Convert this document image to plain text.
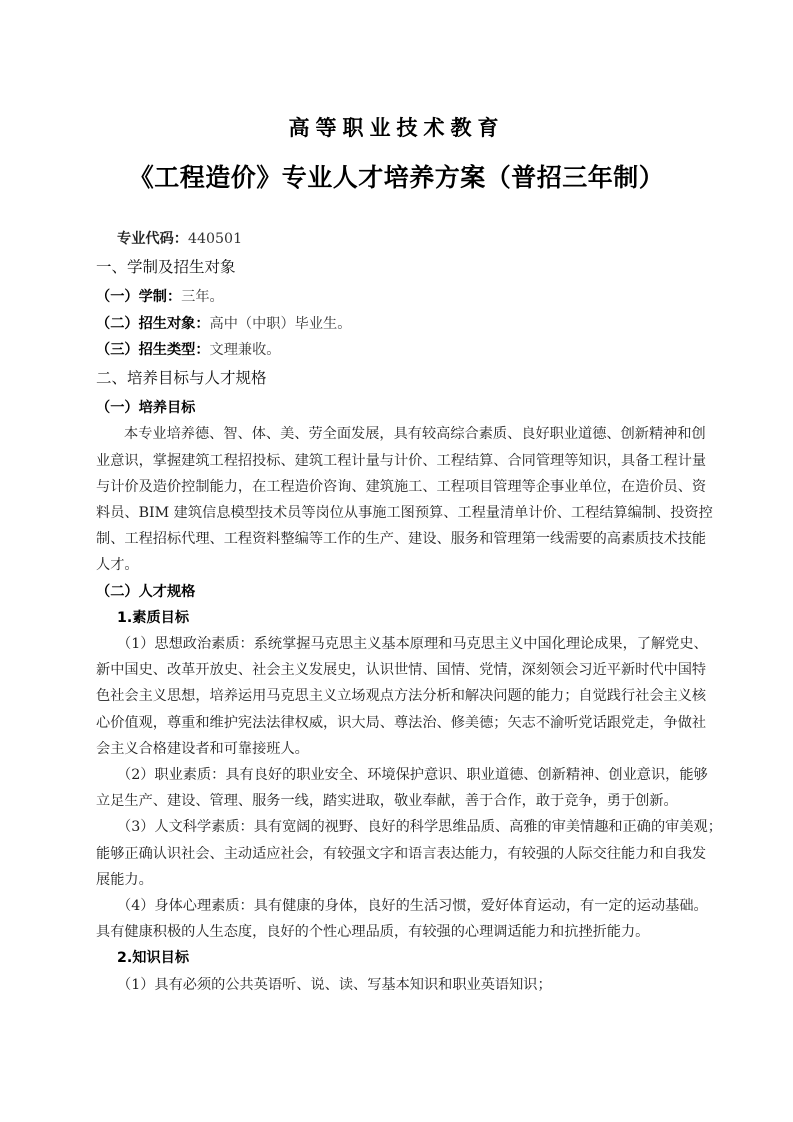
高等职业技术教育
《工程造价》专业人才培养方案（普招三年制）
专业代码：440501
一、学制及招生对象
（一）学制：三年。
（二）招生对象：高中（中职）毕业生。
（三）招生类型：文理兼收。
二、培养目标与人才规格
（一）培养目标
本专业培养德、智、体、美、劳全面发展，具有较高综合素质、良好职业道德、创新精神和创
业意识，掌握建筑工程招投标、建筑工程计量与计价、工程结算、合同管理等知识，具备工程计量
与计价及造价控制能力，在工程造价咨询、建筑施工、工程项目管理等企事业单位，在造价员、资
料员、BIM 建筑信息模型技术员等岗位从事施工图预算、工程量清单计价、工程结算编制、投资控
制、工程招标代理、工程资料整编等工作的生产、建设、服务和管理第一线需要的高素质技术技能
人才。
（二）人才规格
1.素质目标
（1）思想政治素质：系统掌握马克思主义基本原理和马克思主义中国化理论成果，了解党史、
新中国史、改革开放史、社会主义发展史，认识世情、国情、党情，深刻领会习近平新时代中国特
色社会主义思想，培养运用马克思主义立场观点方法分析和解决问题的能力；自觉践行社会主义核
心价值观，尊重和维护宪法法律权威，识大局、尊法治、修美德；矢志不渝听党话跟党走，争做社
会主义合格建设者和可靠接班人。
（2）职业素质：具有良好的职业安全、环境保护意识、职业道德、创新精神、创业意识，能够
立足生产、建设、管理、服务一线，踏实进取，敬业奉献，善于合作，敢于竞争，勇于创新。
（3）人文科学素质：具有宽阔的视野、良好的科学思维品质、高雅的审美情趣和正确的审美观；
能够正确认识社会、主动适应社会，有较强文字和语言表达能力，有较强的人际交往能力和自我发
展能力。
（4）身体心理素质：具有健康的身体，良好的生活习惯，爱好体育运动，有一定的运动基础。
具有健康积极的人生态度，良好的个性心理品质，有较强的心理调适能力和抗挫折能力。
2.知识目标
（1）具有必须的公共英语听、说、读、写基本知识和职业英语知识；
